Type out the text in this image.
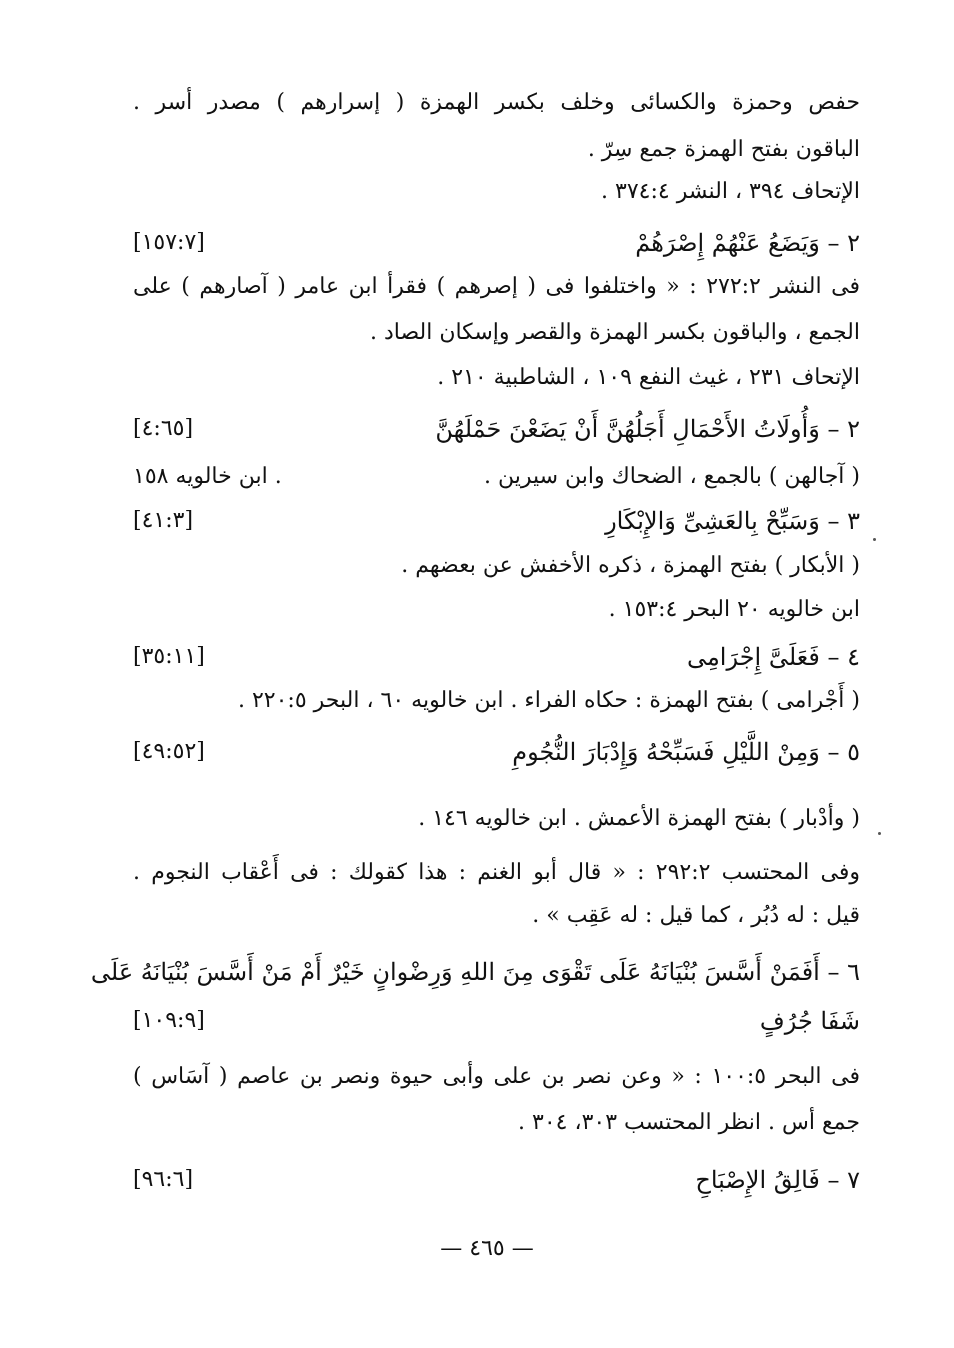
حفص وحمزة والكسائى وخلف بكسر الهمزة ( إسرارهم ) مصدر أسر .
الباقون بفتح الهمزة جمع سِرّ .
الإتحاف ٣٩٤ ، النشر ٣٧٤:٤ .
٢ – وَيَضَعُ عَنْهُمْ إِصْرَهُمْ
[١٥٧:٧]
فى النشر ٢٧٢:٢ : « واختلفوا فى ( إصرهم ) فقرأ ابن عامر ( آصارهم ) على
الجمع ، والباقون بكسر الهمزة والقصر وإسكان الصاد .
الإتحاف ٢٣١ ، غيث النفع ١٠٩ ، الشاطبية ٢١٠ .
٢ – وَأُولَاتُ الأَحْمَالِ أَجَلُهُنَّ أَنْ يَضَعْنَ حَمْلَهُنَّ
[٤:٦٥]
( آجالهن ) بالجمع ، الضحاك وابن سيرين .
ابن خالويه ١٥٨ .
٣ – وَسَبِّحْ بِالعَشِىِّ وَالإِبْكَارِ
[٤١:٣]
( الأبكار ) بفتح الهمزة ، ذكره الأخفش عن بعضهم .
ابن خالويه ٢٠ البحر ١٥٣:٤ .
٤ – فَعَلَىَّ إِجْرَامِى
[٣٥:١١]
( أَجْرامى ) بفتح الهمزة : حكاه الفراء . ابن خالويه ٦٠ ، البحر ٢٢٠:٥ .
٥ – وَمِنْ اللَّيْلِ فَسَبِّحْهُ وَإِدْبَارَ النُّجُومِ
[٤٩:٥٢]
( وأدْبار ) بفتح الهمزة الأعمش . ابن خالويه ١٤٦ .
وفى المحتسب ٢٩٢:٢ : « قال أبو الغنم : هذا كقولك : فى أَعْقاب النجوم .
قيل : له دُبُر ، كما قيل : له عَقِب » .
٦ – أَفَمَنْ أَسَّسَ بُنْيَانَهُ عَلَى تَقْوَى مِنَ اللهِ وَرِضْوانٍ خَيْرٌ أَمْ مَنْ أَسَّسَ بُنْيَانَهُ عَلَى
شَفَا جُرُفٍ
[١٠٩:٩]
فى البحر ١٠٠:٥ : « وعن نصر بن على وأبى حيوة ونصر بن عاصم ( آسَاس )
جمع أس . انظر المحتسب ٣٠٣، ٣٠٤ .
٧ – فَالِقُ الإِصْبَاحِ
[٩٦:٦]
— ٤٦٥ —
